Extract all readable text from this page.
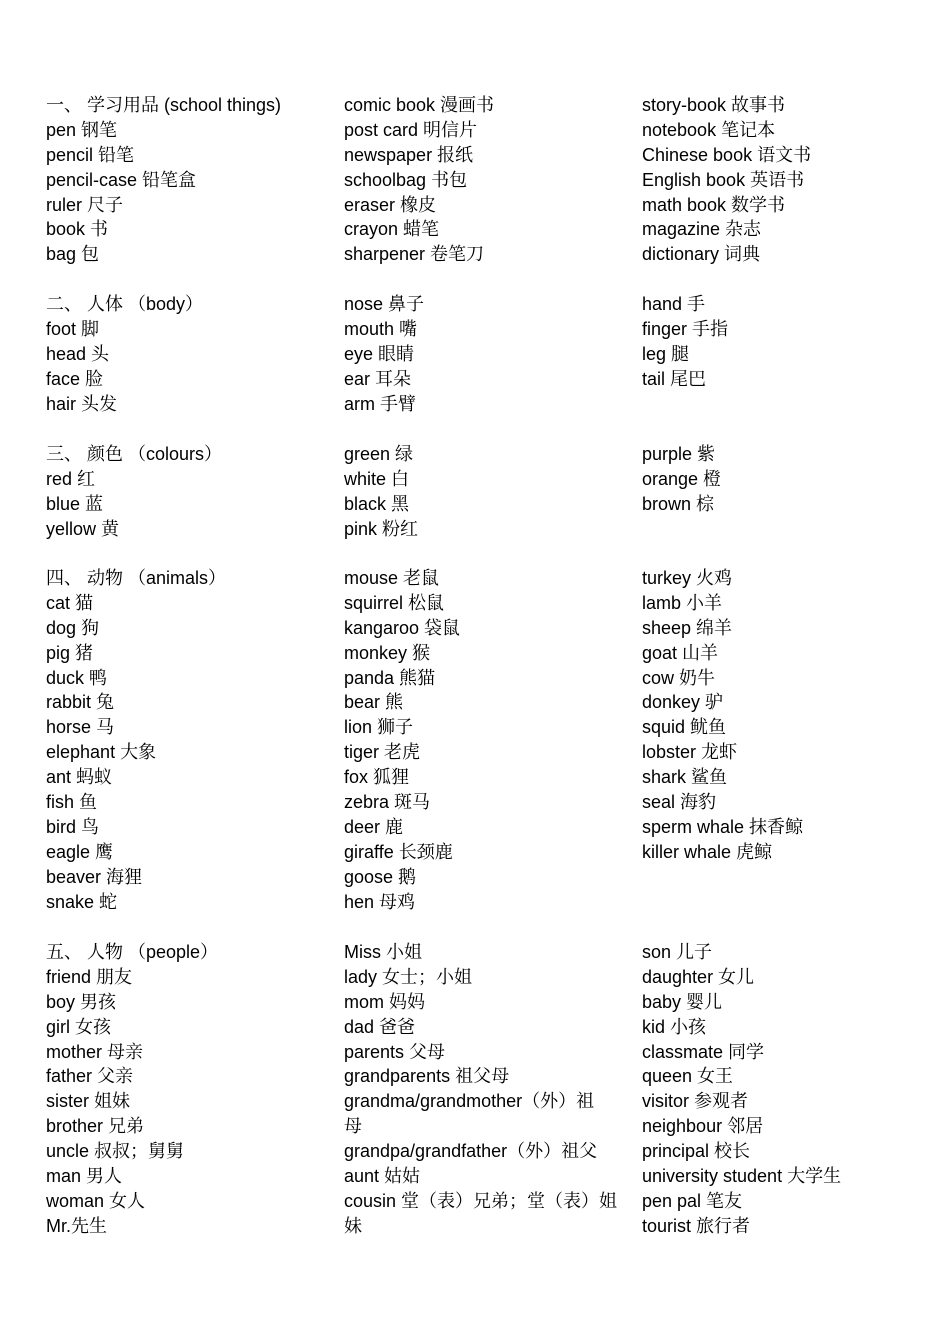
一、 学习用品 (school things)
pen 钢笔
pencil 铅笔
pencil-case 铅笔盒
ruler 尺子
book 书
bag 包
comic book 漫画书
post card 明信片
newspaper 报纸
schoolbag 书包
eraser 橡皮
crayon 蜡笔
sharpener 卷笔刀
story-book 故事书
notebook 笔记本
Chinese book 语文书
English book 英语书
math book 数学书
magazine 杂志
dictionary 词典
二、 人体 （body）
foot 脚
head 头
face 脸
hair 头发
nose 鼻子
mouth 嘴
eye 眼睛
ear 耳朵
arm 手臂
hand 手
finger 手指
leg 腿
tail 尾巴
三、 颜色 （colours）
red 红
blue 蓝
yellow 黄
green 绿
white 白
black 黑
pink 粉红
purple 紫
orange 橙
brown 棕
四、 动物 （animals）
cat 猫
dog 狗
pig 猪
duck 鸭
rabbit 兔
horse 马
elephant 大象
ant 蚂蚁
fish 鱼
bird 鸟
eagle 鹰
beaver 海狸
snake 蛇
mouse 老鼠
squirrel 松鼠
kangaroo 袋鼠
monkey 猴
panda 熊猫
bear 熊
lion 狮子
tiger 老虎
fox 狐狸
zebra 斑马
deer 鹿
giraffe 长颈鹿
goose 鹅
hen 母鸡
turkey 火鸡
lamb 小羊
sheep 绵羊
goat 山羊
cow 奶牛
donkey 驴
squid 鱿鱼
lobster 龙虾
shark 鲨鱼
seal 海豹
sperm whale 抹香鲸
killer whale 虎鲸
五、 人物 （people）
friend 朋友
boy 男孩
girl 女孩
mother 母亲
father 父亲
sister 姐妹
brother 兄弟
uncle 叔叔；舅舅
man 男人
woman 女人
Mr.先生
Miss 小姐
lady 女士；小姐
mom 妈妈
dad 爸爸
parents 父母
grandparents 祖父母
grandma/grandmother（外）祖
母
grandpa/grandfather（外）祖父
aunt 姑姑
cousin 堂（表）兄弟；堂（表）姐
妹
son 儿子
daughter 女儿
baby 婴儿
kid 小孩
classmate 同学
queen 女王
visitor 参观者
neighbour 邻居
principal 校长
university student 大学生
pen pal 笔友
tourist 旅行者
